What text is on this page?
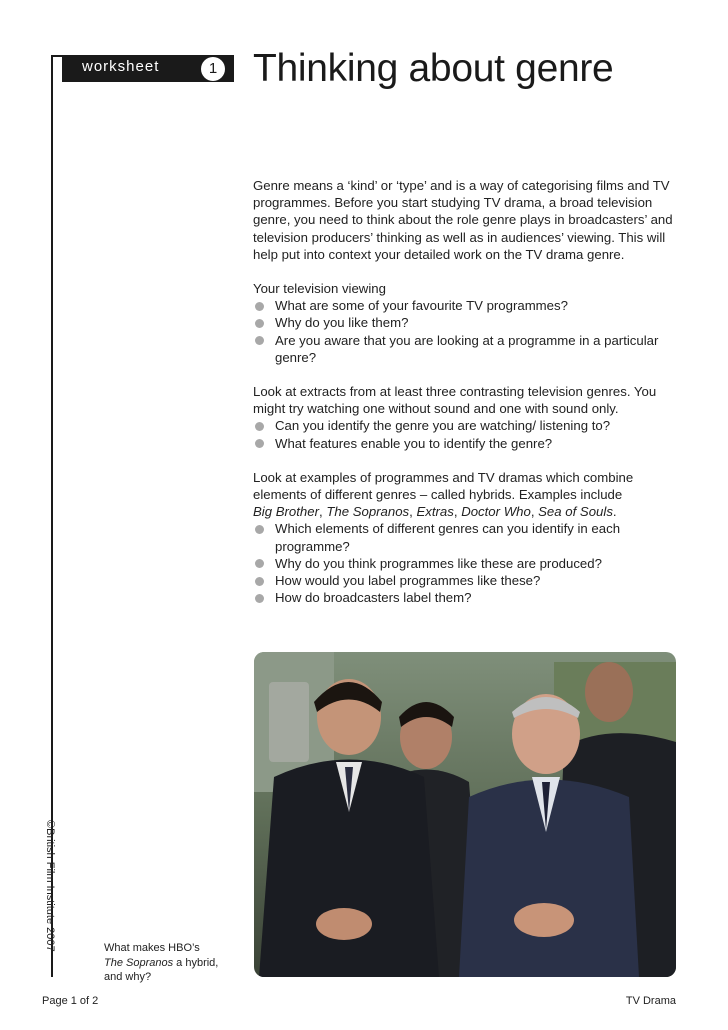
worksheet	1 Thinking about genre

Genre means a ‘kind’ or ‘type’ and is a way of categorising films and TV programmes. Before you start studying TV drama, a broad television genre, you need to think about the role genre plays in broadcasters’ and television producers’ thinking as well as in audiences’ viewing. This will help put into context your detailed work on the TV drama genre.

Your television viewing
What are some of your favourite TV programmes?
Why do you like them?
Are you aware that you are looking at a programme in a particular genre?
Look at extracts from at least three contrasting television genres. You might try watching one without sound and one with sound only.
Can you identify the genre you are watching/ listening to?
What features enable you to identify the genre?
Look at examples of programmes and TV dramas which combine elements of different genres – called hybrids. Examples include
Big Brother, The Sopranos, Extras, Doctor Who, Sea of Souls.
Which elements of different genres can you identify in each programme?
Why do you think programmes like these are produced?
How would you label programmes like these?
How do broadcasters label them?
©British Film Institute 2007	What makes HBO’s
The Sopranos a hybrid,
and why?
Page 1 of 2	TV Drama
